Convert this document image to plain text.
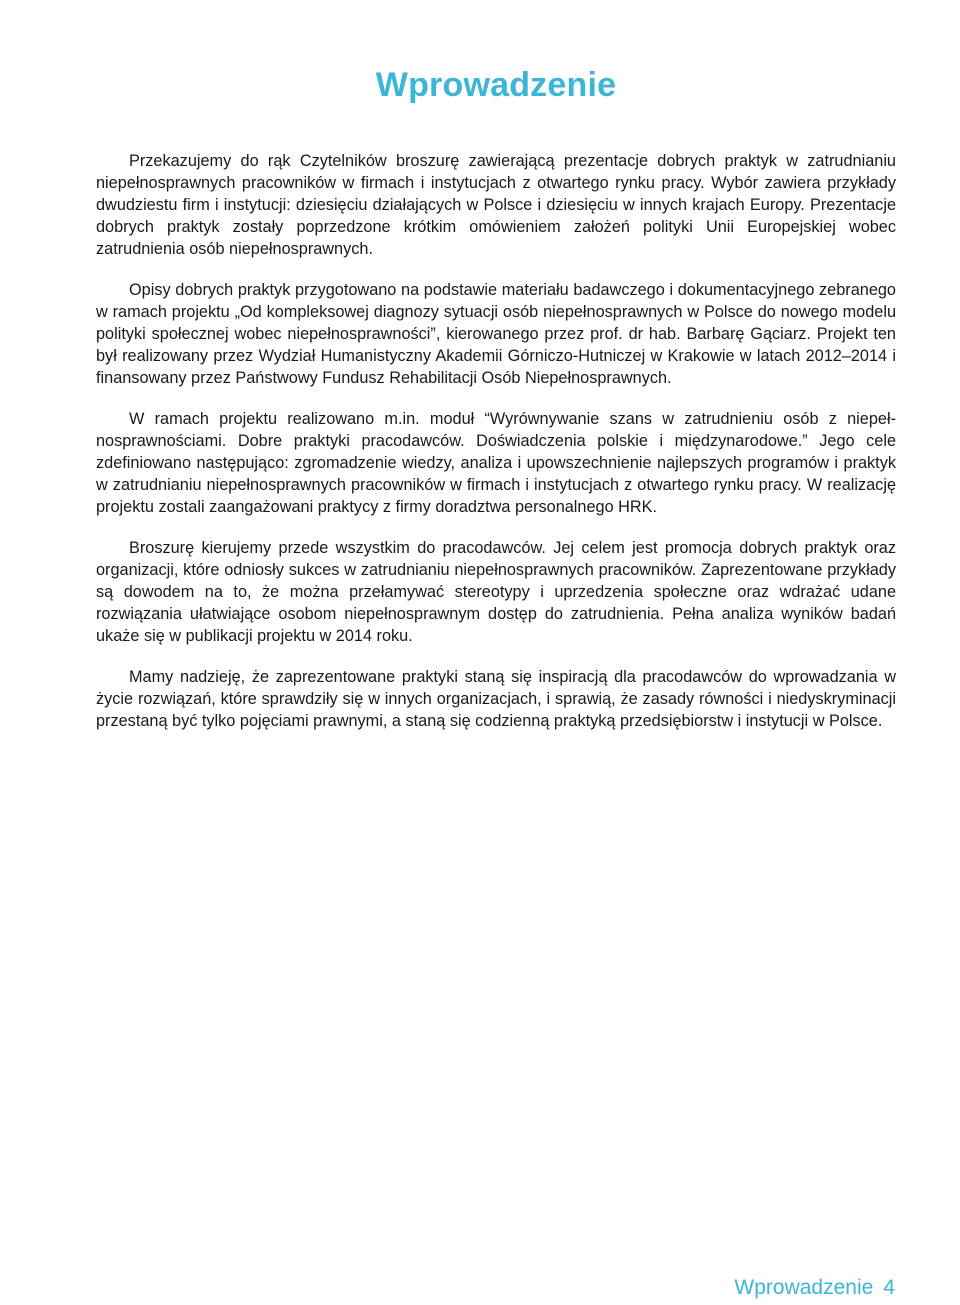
Wprowadzenie

Przekazujemy do rąk Czytelników broszurę zawierającą prezentacje dobrych praktyk w zatrudnianiu niepełnosprawnych pracowników w firmach i instytucjach z otwartego rynku pracy. Wybór zawiera przykłady dwudziestu firm i instytucji: dziesięciu działających w Polsce i dziesięciu w innych krajach Europy. Prezentacje dobrych praktyk zostały poprzedzone krótkim omówieniem założeń polityki Unii Europejskiej wobec zatrudnienia osób niepełnosprawnych.

Opisy dobrych praktyk przygotowano na podstawie materiału badawczego i dokumentacyjnego zebranego w ramach projektu „Od kompleksowej diagnozy sytuacji osób niepełnosprawnych w Polsce do nowego modelu polityki społecznej wobec niepełnosprawności”, kierowanego przez prof. dr hab. Barbarę Gąciarz. Projekt ten był realizowany przez Wydział Humanistyczny Akademii Górniczo-Hutniczej w Krakowie w latach 2012–2014 i finansowany przez Państwowy Fundusz Rehabilitacji Osób Niepełnosprawnych.

W ramach projektu realizowano m.in. moduł “Wyrównywanie szans w zatrudnieniu osób z niepełnosprawnościami. Dobre praktyki pracodawców. Doświadczenia polskie i międzynarodowe.” Jego cele zdefiniowano następująco: zgromadzenie wiedzy, analiza i upowszechnienie najlepszych programów i praktyk w zatrudnianiu niepełnosprawnych pracowników w firmach i instytucjach z otwartego rynku pracy. W realizację projektu zostali zaangażowani praktycy z firmy doradztwa personalnego HRK.

Broszurę kierujemy przede wszystkim do pracodawców. Jej celem jest promocja dobrych praktyk oraz organizacji, które odniosły sukces w zatrudnianiu niepełnosprawnych pracowników. Zaprezentowane przykłady są dowodem na to, że można przełamywać stereotypy i uprzedzenia społeczne oraz wdrażać udane rozwiązania ułatwiające osobom niepełnosprawnym dostęp do zatrudnienia. Pełna analiza wyników badań ukaże się w publikacji projektu w 2014 roku.

Mamy nadzieję, że zaprezentowane praktyki staną się inspiracją dla pracodawców do wprowadzania w życie rozwiązań, które sprawdziły się w innych organizacjach, i sprawią, że zasady równości i niedyskryminacji przestaną być tylko pojęciami prawnymi, a staną się codzienną praktyką przedsiębiorstw i instytucji w Polsce.

Wprowadzenie 4
